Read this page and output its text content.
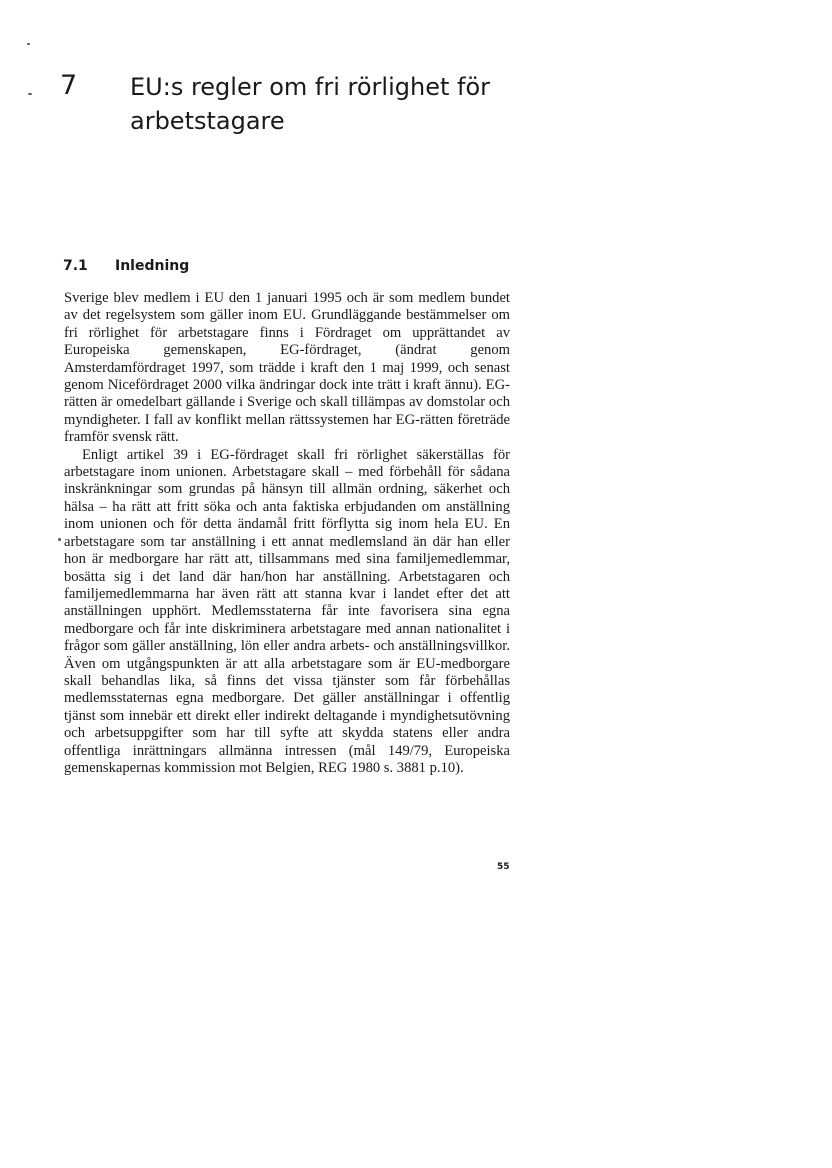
7 EU:s regler om fri rörlighet för arbetstagare
7.1 Inledning

Sverige blev medlem i EU den 1 januari 1995 och är som medlem bundet av det regelsystem som gäller inom EU. Grundläggande bestämmelser om fri rörlighet för arbetstagare finns i Fördraget om upprättandet av Europeiska gemenskapen, EG-fördraget, (ändrat genom Amsterdamfördraget 1997, som trädde i kraft den 1 maj 1999, och senast genom Nicefördraget 2000 vilka ändringar dock inte trätt i kraft ännu). EG-rätten är omedelbart gällande i Sverige och skall tillämpas av domstolar och myndigheter. I fall av konflikt mellan rättssystemen har EG-rätten företräde framför svensk rätt.

Enligt artikel 39 i EG-fördraget skall fri rörlighet säkerställas för arbetstagare inom unionen. Arbetstagare skall – med förbehåll för sådana inskränkningar som grundas på hänsyn till allmän ordning, säkerhet och hälsa – ha rätt att fritt söka och anta faktiska erbjudanden om anställning inom unionen och för detta ändamål fritt förflytta sig inom hela EU. En arbetstagare som tar anställning i ett annat medlemsland än där han eller hon är medborgare har rätt att, tillsammans med sina familjemedlemmar, bosätta sig i det land där han/hon har anställning. Arbetstagaren och familjemedlemmarna har även rätt att stanna kvar i landet efter det att anställningen upphört. Medlemsstaterna får inte favorisera sina egna medborgare och får inte diskriminera arbetstagare med annan nationalitet i frågor som gäller anställning, lön eller andra arbets- och anställningsvillkor. Även om utgångspunkten är att alla arbetstagare som är EU-medborgare skall behandlas lika, så finns det vissa tjänster som får förbehållas medlemsstaternas egna medborgare. Det gäller anställningar i offentlig tjänst som innebär ett direkt eller indirekt deltagande i myndighetsutövning och arbetsuppgifter som har till syfte att skydda statens eller andra offentliga inrättningars allmänna intressen (mål 149/79, Europeiska gemenskapernas kommission mot Belgien, REG 1980 s. 3881 p.10).

55
